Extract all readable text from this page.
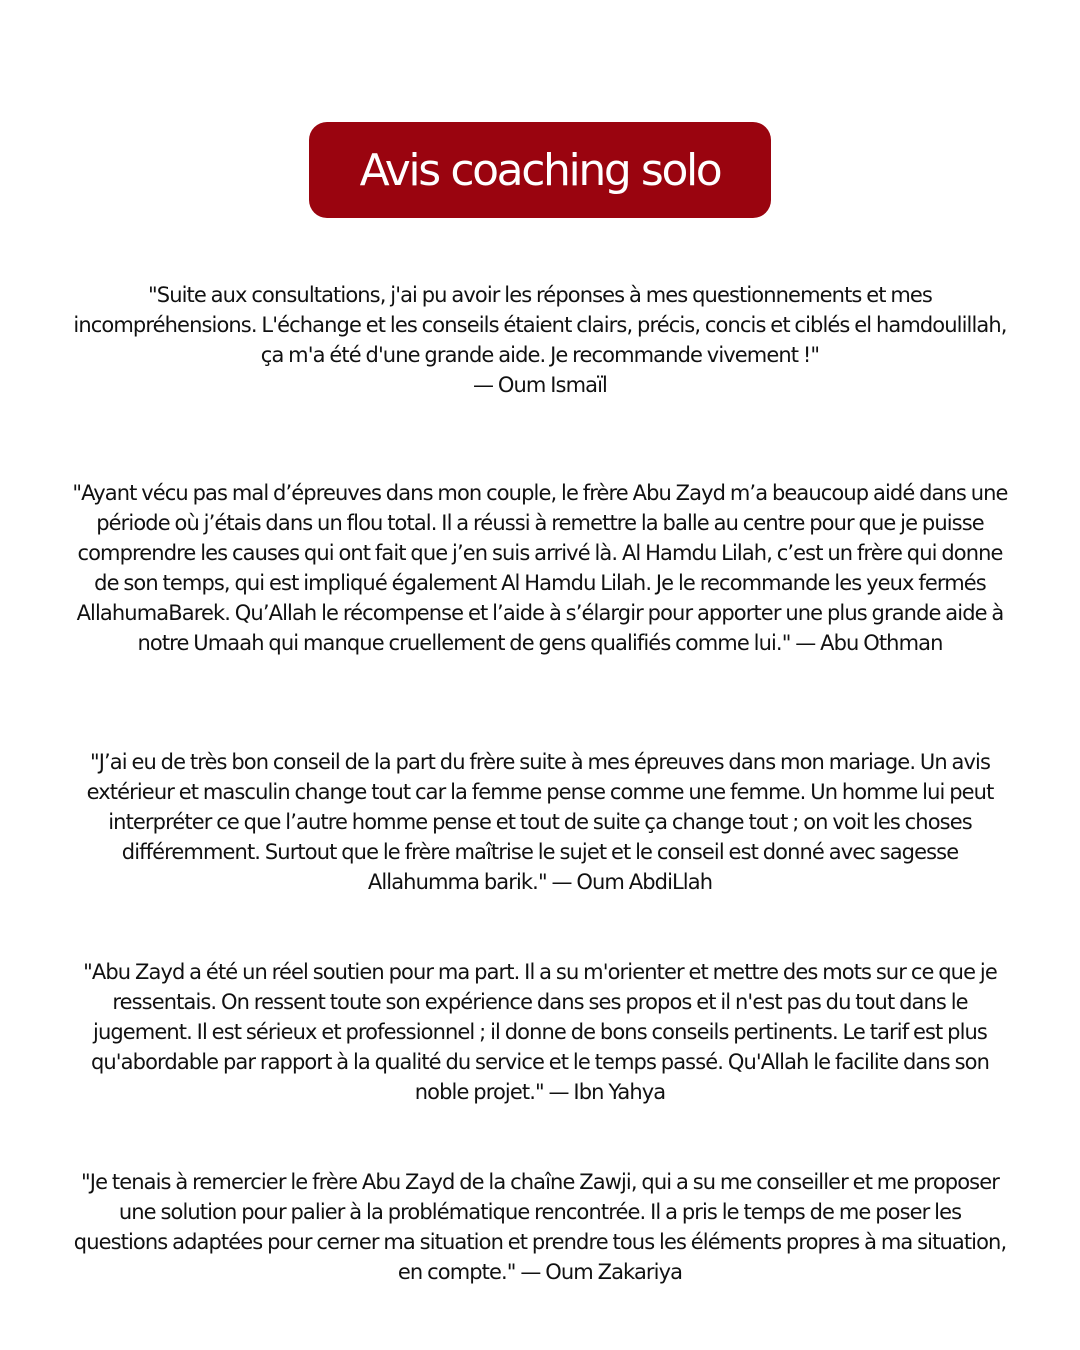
Avis coaching solo

"Suite aux consultations, j'ai pu avoir les réponses à mes questionnements et mes incompréhensions. L'échange et les conseils étaient clairs, précis, concis et ciblés el hamdoulillah, ça m'a été d'une grande aide. Je recommande vivement !"
— Oum Ismaïl

"Ayant vécu pas mal d’épreuves dans mon couple, le frère Abu Zayd m’a beaucoup aidé dans une période où j’étais dans un flou total. Il a réussi à remettre la balle au centre pour que je puisse comprendre les causes qui ont fait que j’en suis arrivé là. Al Hamdu Lilah, c’est un frère qui donne de son temps, qui est impliqué également Al Hamdu Lilah. Je le recommande les yeux fermés AllahumaBarek. Qu’Allah le récompense et l’aide à s’élargir pour apporter une plus grande aide à notre Umaah qui manque cruellement de gens qualifiés comme lui." — Abu Othman

"J’ai eu de très bon conseil de la part du frère suite à mes épreuves dans mon mariage. Un avis extérieur et masculin change tout car la femme pense comme une femme. Un homme lui peut interpréter ce que l’autre homme pense et tout de suite ça change tout ; on voit les choses différemment. Surtout que le frère maîtrise le sujet et le conseil est donné avec sagesse Allahumma barik." — Oum AbdiLlah

"Abu Zayd a été un réel soutien pour ma part. Il a su m'orienter et mettre des mots sur ce que je ressentais. On ressent toute son expérience dans ses propos et il n'est pas du tout dans le jugement. Il est sérieux et professionnel ; il donne de bons conseils pertinents. Le tarif est plus qu'abordable par rapport à la qualité du service et le temps passé. Qu'Allah le facilite dans son noble projet." — Ibn Yahya

"Je tenais à remercier le frère Abu Zayd de la chaîne Zawji, qui a su me conseiller et me proposer une solution pour palier à la problématique rencontrée. Il a pris le temps de me poser les questions adaptées pour cerner ma situation et prendre tous les éléments propres à ma situation, en compte." — Oum Zakariya
